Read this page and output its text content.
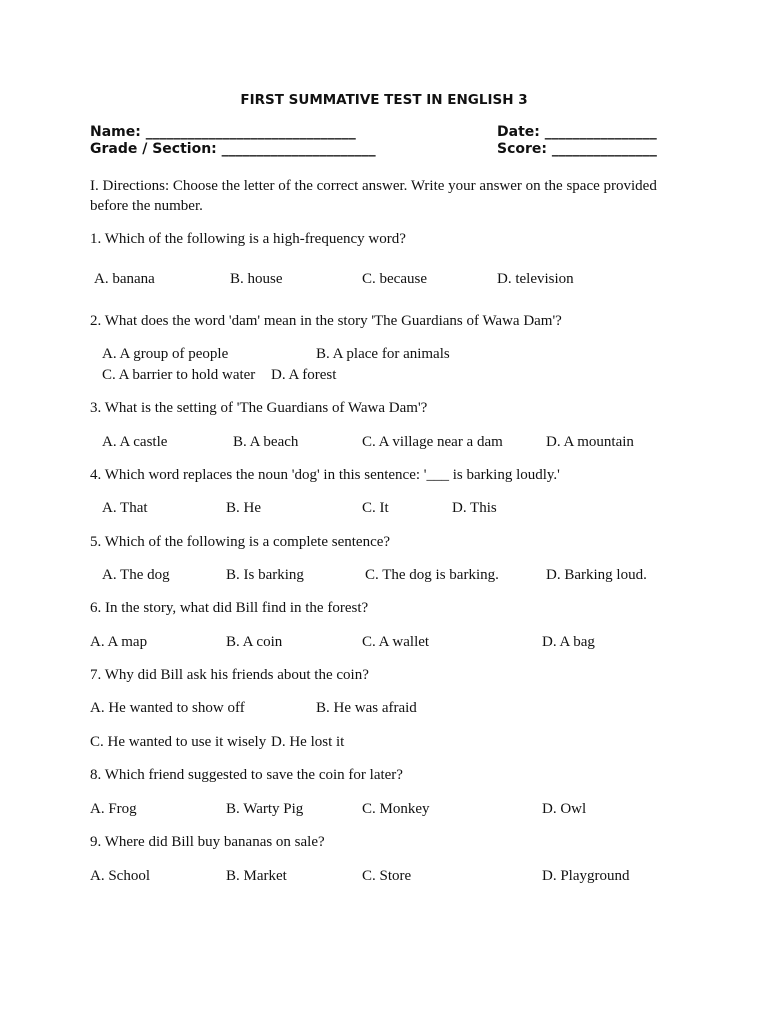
FIRST SUMMATIVE TEST IN ENGLISH 3
Name: ______________________________	Date: ________________
Grade / Section: ______________________	Score: _______________
I. Directions: Choose the letter of the correct answer. Write your answer on the space provided before the number.
1. Which of the following is a high-frequency word?
A. banana	B. house	C. because	D. television
2. What does the word 'dam' mean in the story 'The Guardians of Wawa Dam'?
A. A group of people	B. A place for animals
C. A barrier to hold water D. A forest
3. What is the setting of 'The Guardians of Wawa Dam'?
A. A castle	B. A beach	C. A village near a dam	D. A mountain
4. Which word replaces the noun 'dog' in this sentence: '___ is barking loudly.'
A. That	B. He	C. It	D. This
5. Which of the following is a complete sentence?
A. The dog	B. Is barking	C. The dog is barking.	D. Barking loud.
6. In the story, what did Bill find in the forest?
A. A map	B. A coin	C. A wallet	D. A bag
7. Why did Bill ask his friends about the coin?
A. He wanted to show off	B. He was afraid
C. He wanted to use it wisely D. He lost it
8. Which friend suggested to save the coin for later?
A. Frog	B. Warty Pig	C. Monkey	D. Owl
9. Where did Bill buy bananas on sale?
A. School	B. Market	C. Store	D. Playground
